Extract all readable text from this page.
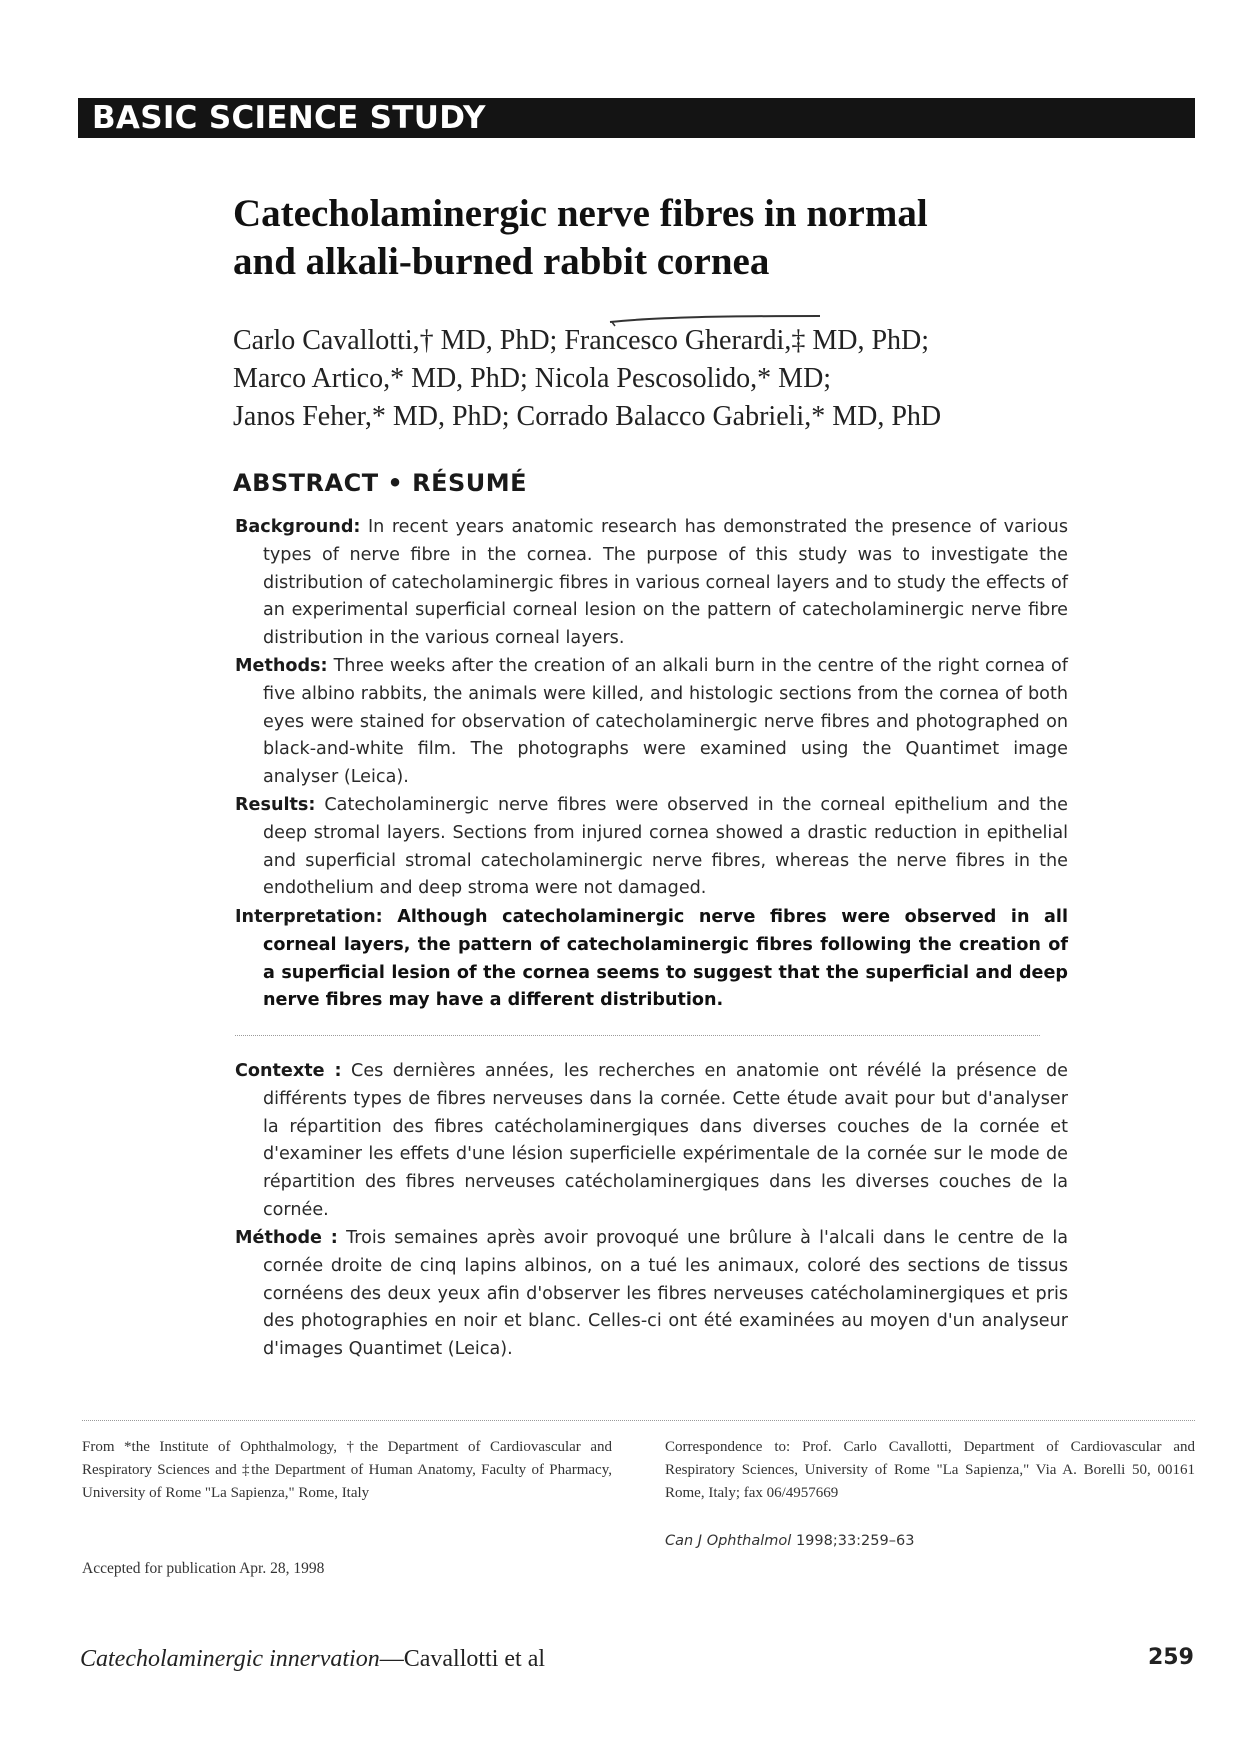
BASIC SCIENCE STUDY
Catecholaminergic nerve fibres in normal
and alkali-burned rabbit cornea
Carlo Cavallotti,† MD, PhD; Francesco Gherardi,‡ MD, PhD;
Marco Artico,* MD, PhD; Nicola Pescosolido,* MD;
Janos Feher,* MD, PhD; Corrado Balacco Gabrieli,* MD, PhD
ABSTRACT • RÉSUMÉ
Background: In recent years anatomic research has demonstrated the presence of various types of nerve fibre in the cornea. The purpose of this study was to investigate the distribution of catecholaminergic fibres in various corneal layers and to study the effects of an experimental superficial corneal lesion on the pattern of catecholaminergic nerve fibre distribution in the various corneal layers.
Methods: Three weeks after the creation of an alkali burn in the centre of the right cornea of five albino rabbits, the animals were killed, and histologic sections from the cornea of both eyes were stained for observation of catecholaminergic nerve fibres and photographed on black-and-white film. The photographs were examined using the Quantimet image analyser (Leica).
Results: Catecholaminergic nerve fibres were observed in the corneal epithelium and the deep stromal layers. Sections from injured cornea showed a drastic reduction in epithelial and superficial stromal catecholaminergic nerve fibres, whereas the nerve fibres in the endothelium and deep stroma were not damaged.
Interpretation: Although catecholaminergic nerve fibres were observed in all corneal layers, the pattern of catecholaminergic fibres following the creation of a superficial lesion of the cornea seems to suggest that the superficial and deep nerve fibres may have a different distribution.
Contexte : Ces dernières années, les recherches en anatomie ont révélé la présence de différents types de fibres nerveuses dans la cornée. Cette étude avait pour but d'analyser la répartition des fibres catécholaminergiques dans diverses couches de la cornée et d'examiner les effets d'une lésion superficielle expérimentale de la cornée sur le mode de répartition des fibres nerveuses catécholaminergiques dans les diverses couches de la cornée.
Méthode : Trois semaines après avoir provoqué une brûlure à l'alcali dans le centre de la cornée droite de cinq lapins albinos, on a tué les animaux, coloré des sections de tissus cornéens des deux yeux afin d'observer les fibres nerveuses catécholaminergiques et pris des photographies en noir et blanc. Celles-ci ont été examinées au moyen d'un analyseur d'images Quantimet (Leica).
From *the Institute of Ophthalmology, †the Department of Cardiovascular and Respiratory Sciences and ‡the Department of Human Anatomy, Faculty of Pharmacy, University of Rome "La Sapienza," Rome, Italy
Accepted for publication Apr. 28, 1998
Correspondence to: Prof. Carlo Cavallotti, Department of Cardiovascular and Respiratory Sciences, University of Rome "La Sapienza," Via A. Borelli 50, 00161 Rome, Italy; fax 06/4957669
Can J Ophthalmol 1998;33:259–63
Catecholaminergic innervation—Cavallotti et al	259
